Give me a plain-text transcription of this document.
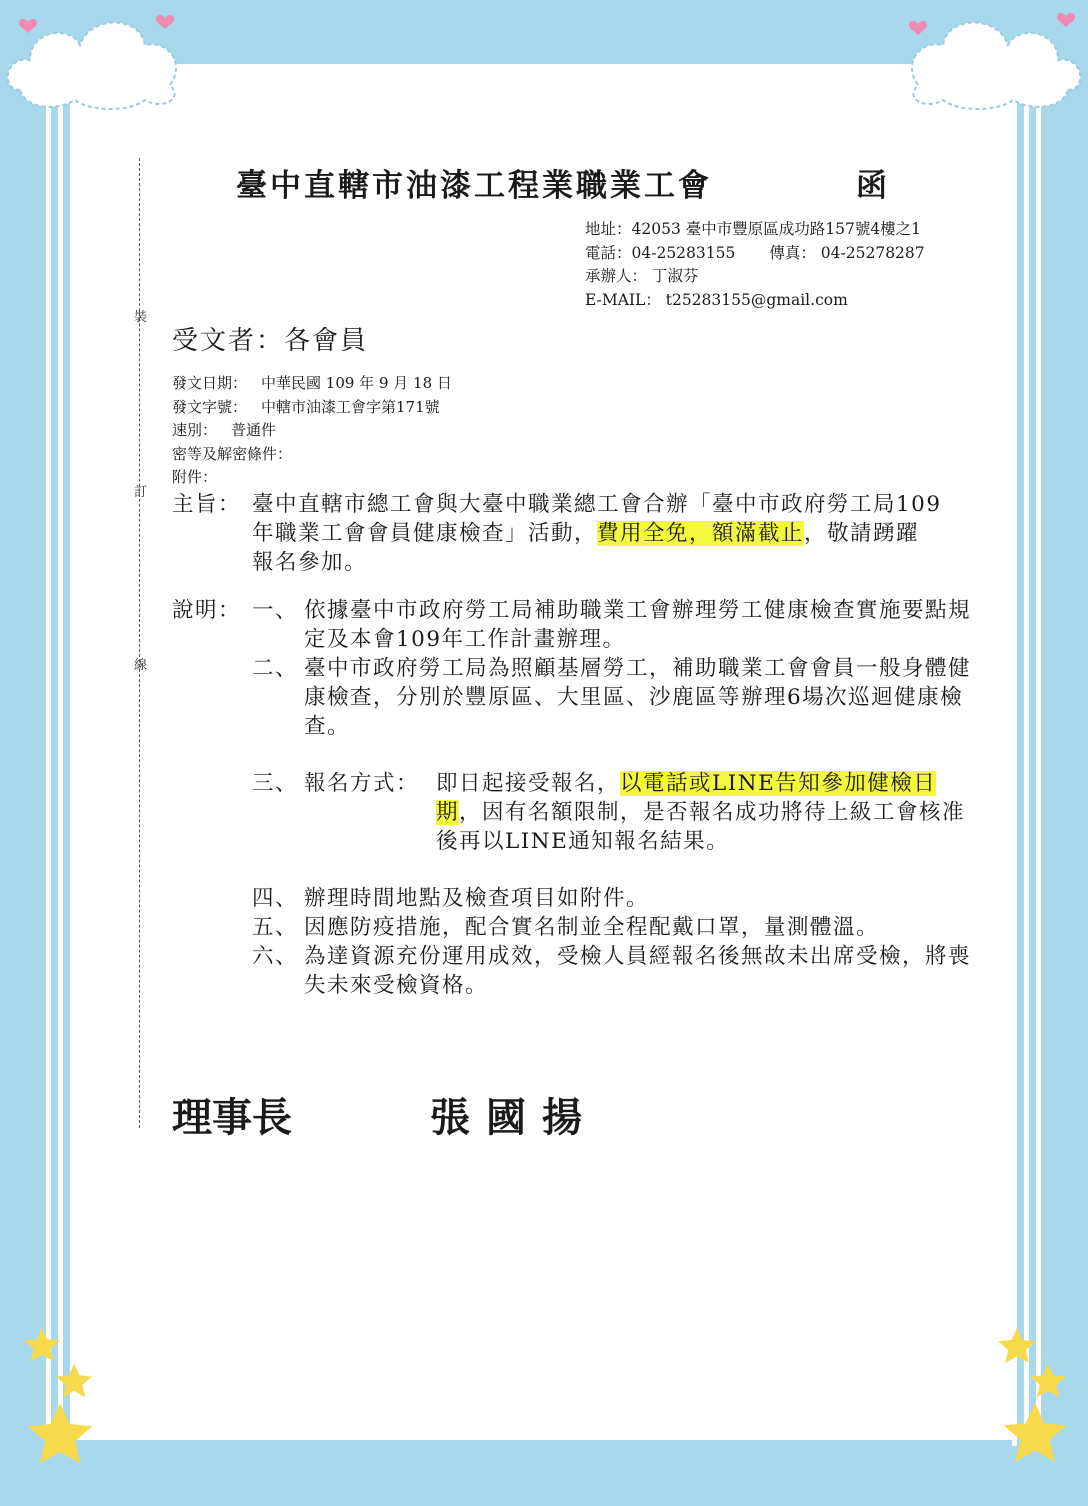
裝
訂
線
臺中直轄市油漆工程業職業工會	函
地址：42053 臺中市豐原區成功路157號4樓之1
電話：04-25283155 傳真： 04-25278287
承辦人： 丁淑芬
E-MAIL： t25283155@gmail.com
受文者：各會員
發文日期： 中華民國 109 年 9 月 18 日
發文字號： 中轄市油漆工會字第171號
速別： 普通件
密等及解密條件：
附件：
主旨： 臺中直轄市總工會與大臺中職業總工會合辦「臺中市政府勞工局109年職業工會會員健康檢查」活動，費用全免，額滿截止，敬請踴躍報名參加。
說明： 一、 依據臺中市政府勞工局補助職業工會辦理勞工健康檢查實施要點規定及本會109年工作計畫辦理。
二、 臺中市政府勞工局為照顧基層勞工，補助職業工會會員一般身體健康檢查，分別於豐原區、大里區、沙鹿區等辦理6場次巡迴健康檢查。
三、 報名方式： 即日起接受報名，以電話或LINE告知參加健檢日期，因有名額限制，是否報名成功將待上級工會核准後再以LINE通知報名結果。
四、 辦理時間地點及檢查項目如附件。
五、 因應防疫措施，配合實名制並全程配戴口罩，量測體溫。
六、 為達資源充份運用成效，受檢人員經報名後無故未出席受檢，將喪失未來受檢資格。
理事長	張國揚
